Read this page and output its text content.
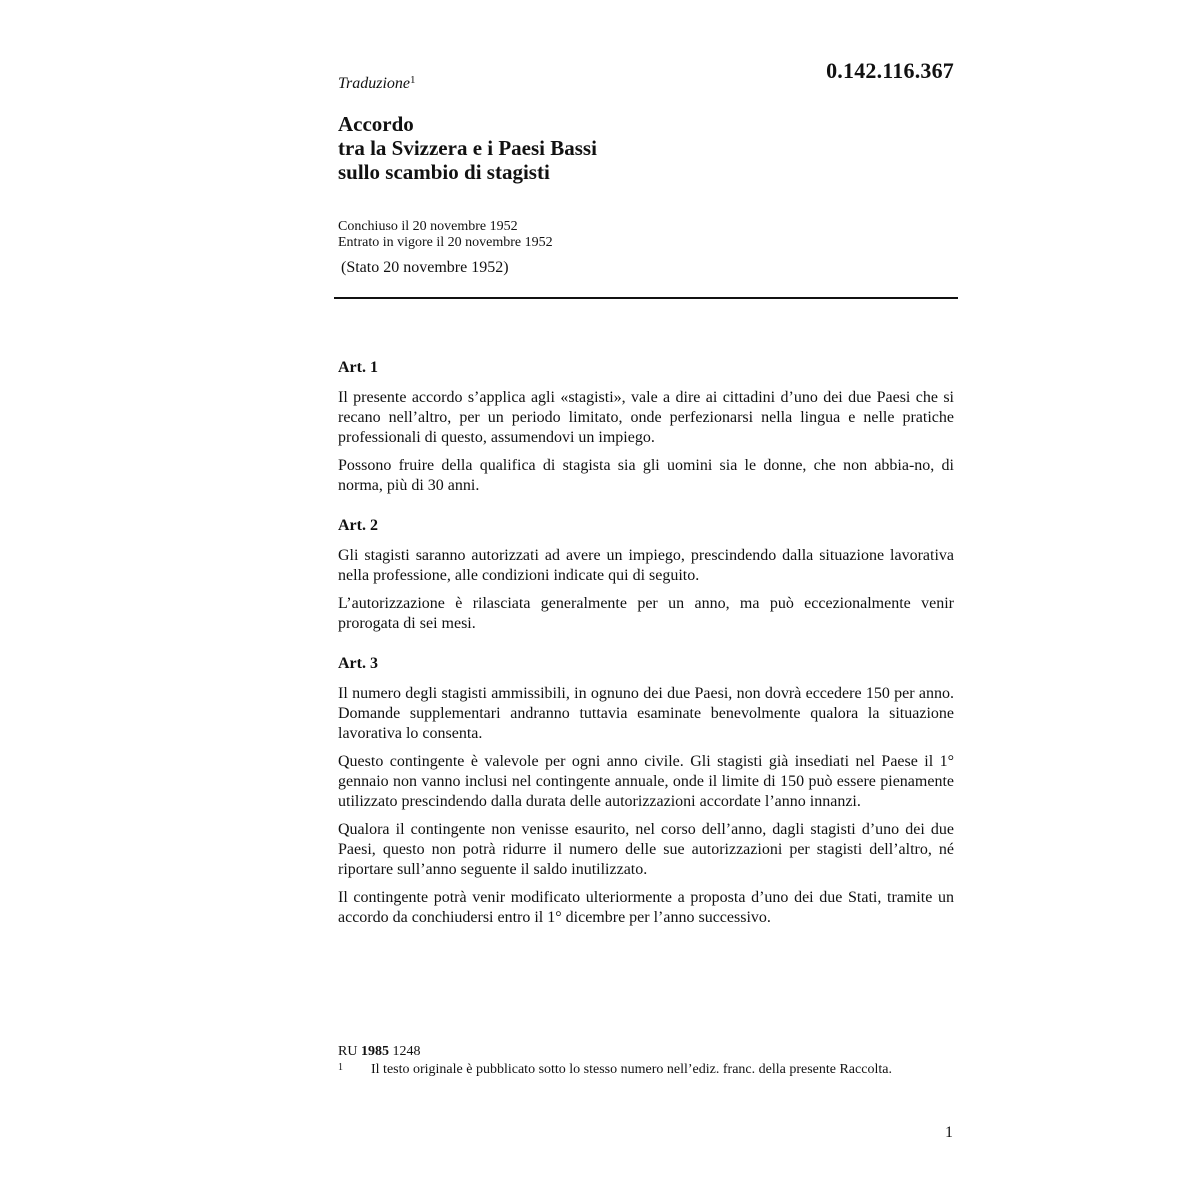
0.142.116.367
Traduzione$^1$
Accordo
tra la Svizzera e i Paesi Bassi
sullo scambio di stagisti
Conchiuso il 20 novembre 1952
Entrato in vigore il 20 novembre 1952
(Stato 20 novembre 1952)
Art. 1

Il presente accordo s’applica agli «stagisti», vale a dire ai cittadini d’uno dei due Paesi che si recano nell’altro, per un periodo limitato, onde perfezionarsi nella lingua e nelle pratiche professionali di questo, assumendovi un impiego.

Possono fruire della qualifica di stagista sia gli uomini sia le donne, che non abbia-no, di norma, più di 30 anni.

Art. 2

Gli stagisti saranno autorizzati ad avere un impiego, prescindendo dalla situazione lavorativa nella professione, alle condizioni indicate qui di seguito.

L’autorizzazione è rilasciata generalmente per un anno, ma può eccezionalmente venir prorogata di sei mesi.

Art. 3

Il numero degli stagisti ammissibili, in ognuno dei due Paesi, non dovrà eccedere 150 per anno. Domande supplementari andranno tuttavia esaminate benevolmente qualora la situazione lavorativa lo consenta.

Questo contingente è valevole per ogni anno civile. Gli stagisti già insediati nel Paese il 1° gennaio non vanno inclusi nel contingente annuale, onde il limite di 150 può essere pienamente utilizzato prescindendo dalla durata delle autorizzazioni accordate l’anno innanzi.

Qualora il contingente non venisse esaurito, nel corso dell’anno, dagli stagisti d’uno dei due Paesi, questo non potrà ridurre il numero delle sue autorizzazioni per stagisti dell’altro, né riportare sull’anno seguente il saldo inutilizzato.

Il contingente potrà venir modificato ulteriormente a proposta d’uno dei due Stati, tramite un accordo da conchiudersi entro il 1° dicembre per l’anno successivo.

RU 1985 1248
1	Il testo originale è pubblicato sotto lo stesso numero nell’ediz. franc. della presente Raccolta.
1
